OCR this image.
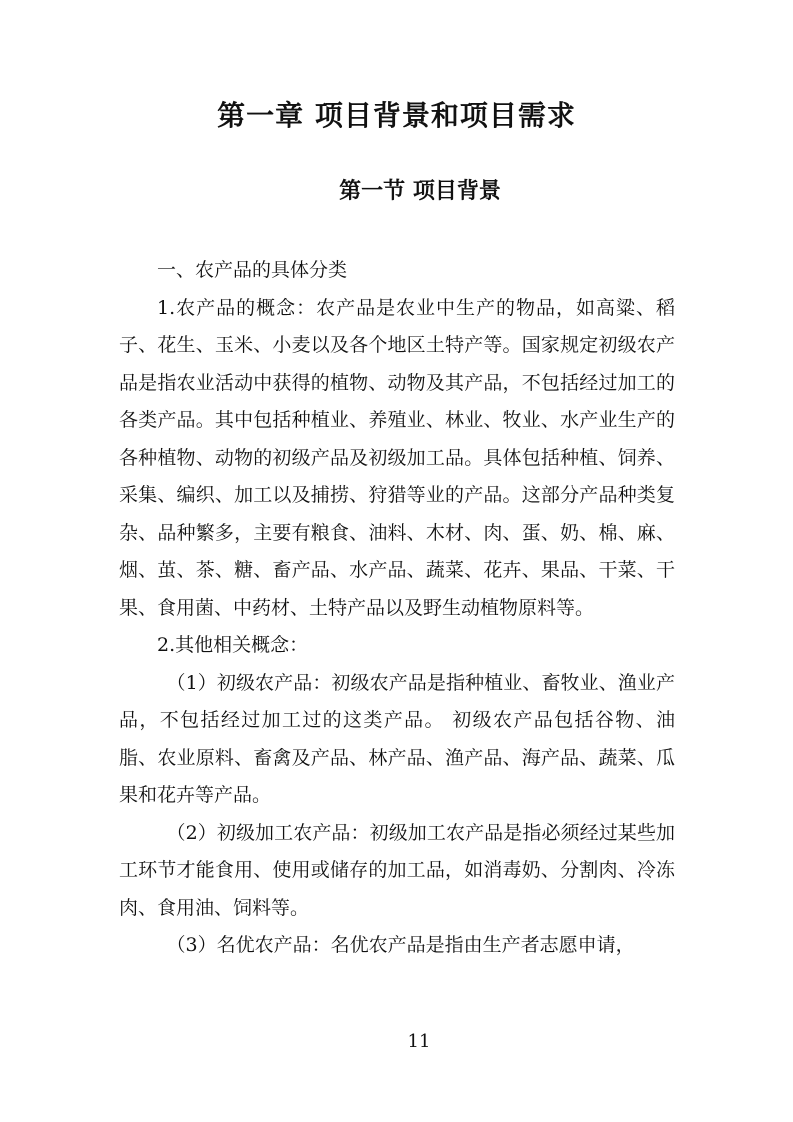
第一章 项目背景和项目需求
第一节 项目背景

一、农产品的具体分类

1.农产品的概念：农产品是农业中生产的物品，如高粱、稻子、花生、玉米、小麦以及各个地区土特产等。国家规定初级农产品是指农业活动中获得的植物、动物及其产品，不包括经过加工的各类产品。其中包括种植业、养殖业、林业、牧业、水产业生产的各种植物、动物的初级产品及初级加工品。具体包括种植、饲养、采集、编织、加工以及捕捞、狩猎等业的产品。这部分产品种类复杂、品种繁多，主要有粮食、油料、木材、肉、蛋、奶、棉、麻、烟、茧、茶、糖、畜产品、水产品、蔬菜、花卉、果品、干菜、干果、食用菌、中药材、土特产品以及野生动植物原料等。

2.其他相关概念：

（1）初级农产品：初级农产品是指种植业、畜牧业、渔业产品，不包括经过加工过的这类产品。 初级农产品包括谷物、油脂、农业原料、畜禽及产品、林产品、渔产品、海产品、蔬菜、瓜果和花卉等产品。

（2）初级加工农产品：初级加工农产品是指必须经过某些加工环节才能食用、使用或储存的加工品，如消毒奶、分割肉、冷冻肉、食用油、饲料等。

（3）名优农产品：名优农产品是指由生产者志愿申请，

11
